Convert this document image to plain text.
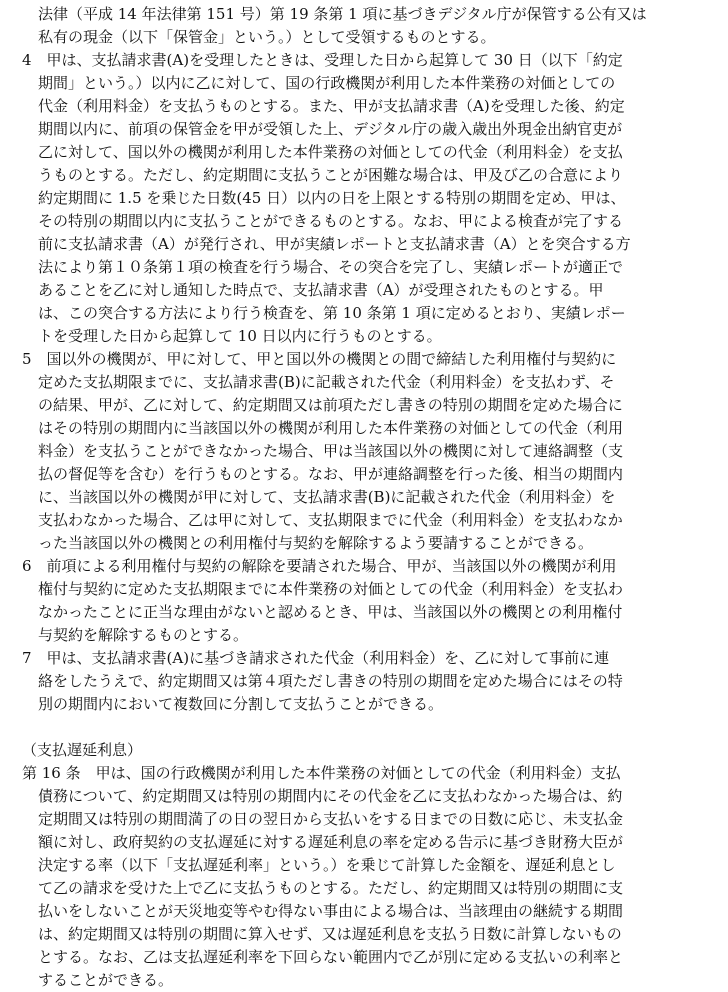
法律（平成 14 年法律第 151 号）第 19 条第 1 項に基づきデジタル庁が保管する公有又は
私有の現金（以下「保管金」という。）として受領するものとする。
4　甲は、支払請求書(A)を受理したときは、受理した日から起算して 30 日（以下「約定
期間」という。）以内に乙に対して、国の行政機関が利用した本件業務の対価としての
代金（利用料金）を支払うものとする。また、甲が支払請求書（A)を受理した後、約定
期間以内に、前項の保管金を甲が受領した上、デジタル庁の歳入歳出外現金出納官吏が
乙に対して、国以外の機関が利用した本件業務の対価としての代金（利用料金）を支払
うものとする。ただし、約定期間に支払うことが困難な場合は、甲及び乙の合意により
約定期間に 1.5 を乗じた日数(45 日）以内の日を上限とする特別の期間を定め、甲は、
その特別の期間以内に支払うことができるものとする。なお、甲による検査が完了する
前に支払請求書（A）が発行され、甲が実績レポートと支払請求書（A）とを突合する方
法により第１０条第１項の検査を行う場合、その突合を完了し、実績レポートが適正で
あることを乙に対し通知した時点で、支払請求書（A）が受理されたものとする。甲
は、この突合する方法により行う検査を、第 10 条第 1 項に定めるとおり、実績レポー
トを受理した日から起算して 10 日以内に行うものとする。
5　国以外の機関が、甲に対して、甲と国以外の機関との間で締結した利用権付与契約に
定めた支払期限までに、支払請求書(B)に記載された代金（利用料金）を支払わず、そ
の結果、甲が、乙に対して、約定期間又は前項ただし書きの特別の期間を定めた場合に
はその特別の期間内に当該国以外の機関が利用した本件業務の対価としての代金（利用
料金）を支払うことができなかった場合、甲は当該国以外の機関に対して連絡調整（支
払の督促等を含む）を行うものとする。なお、甲が連絡調整を行った後、相当の期間内
に、当該国以外の機関が甲に対して、支払請求書(B)に記載された代金（利用料金）を
支払わなかった場合、乙は甲に対して、支払期限までに代金（利用料金）を支払わなか
った当該国以外の機関との利用権付与契約を解除するよう要請することができる。
6　前項による利用権付与契約の解除を要請された場合、甲が、当該国以外の機関が利用
権付与契約に定めた支払期限までに本件業務の対価としての代金（利用料金）を支払わ
なかったことに正当な理由がないと認めるとき、甲は、当該国以外の機関との利用権付
与契約を解除するものとする。
7　甲は、支払請求書(A)に基づき請求された代金（利用料金）を、乙に対して事前に連
絡をしたうえで、約定期間又は第４項ただし書きの特別の期間を定めた場合にはその特
別の期間内において複数回に分割して支払うことができる。
（支払遅延利息）
第 16 条　甲は、国の行政機関が利用した本件業務の対価としての代金（利用料金）支払
債務について、約定期間又は特別の期間内にその代金を乙に支払わなかった場合は、約
定期間又は特別の期間満了の日の翌日から支払いをする日までの日数に応じ、未支払金
額に対し、政府契約の支払遅延に対する遅延利息の率を定める告示に基づき財務大臣が
決定する率（以下「支払遅延利率」という。）を乗じて計算した金額を、遅延利息とし
て乙の請求を受けた上で乙に支払うものとする。ただし、約定期間又は特別の期間に支
払いをしないことが天災地変等やむ得ない事由による場合は、当該理由の継続する期間
は、約定期間又は特別の期間に算入せず、又は遅延利息を支払う日数に計算しないもの
とする。なお、乙は支払遅延利率を下回らない範囲内で乙が別に定める支払いの利率と
することができる。
